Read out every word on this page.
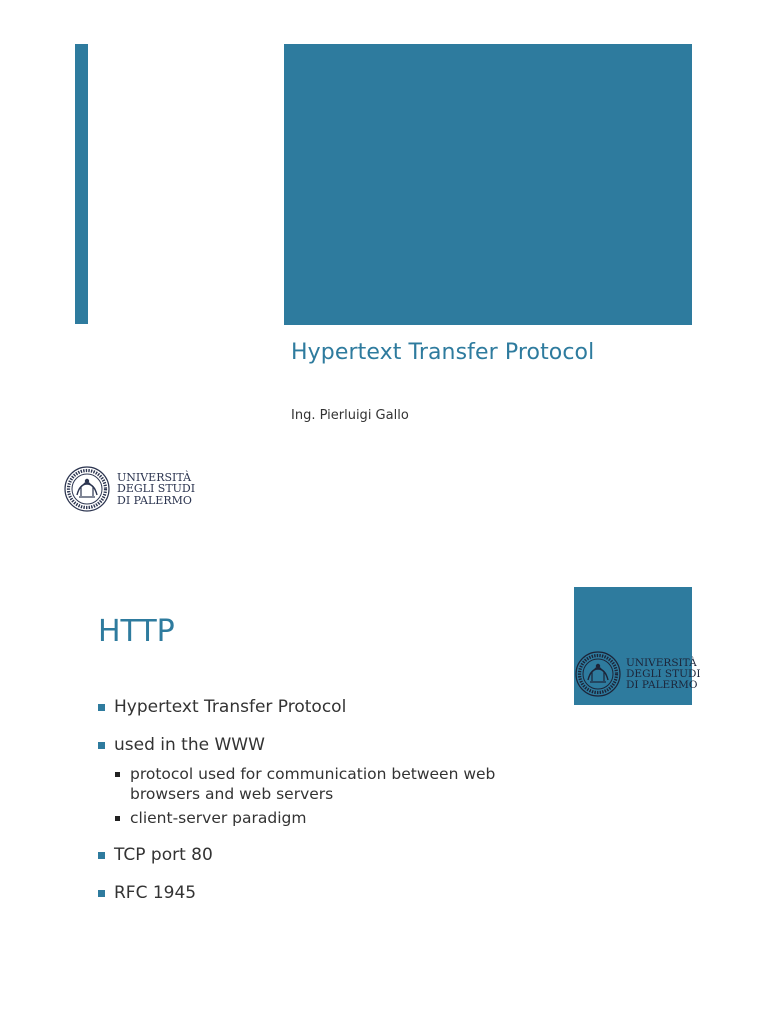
Hypertext Transfer Protocol
Ing. Pierluigi Gallo
UNIVERSITÀ
DEGLI STUDI
DI PALERMO
UNIVERSITÀ
DEGLI STUDI
DI PALERMO
HTTP
Hypertext Transfer Protocol
used in the WWW
protocol used for communication between web
browsers and web servers
client-server paradigm
TCP port 80
RFC 1945
